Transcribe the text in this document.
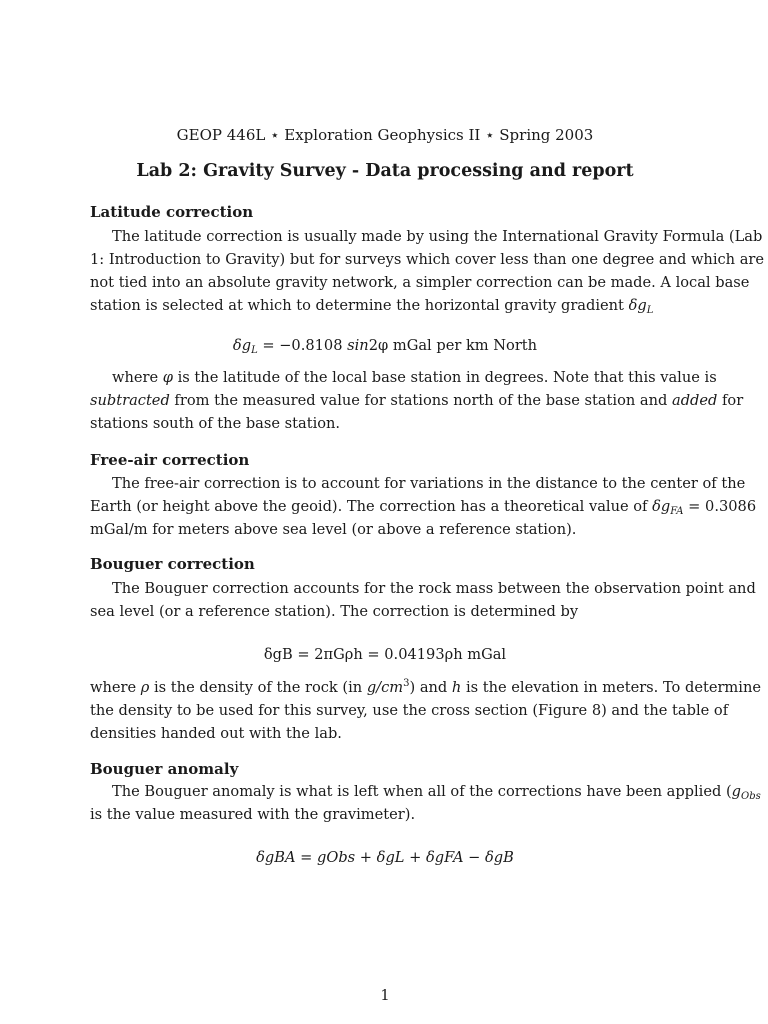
GEOP 446L ⋆ Exploration Geophysics II ⋆ Spring 2003
Lab 2: Gravity Survey - Data processing and report
Latitude correction
The latitude correction is usually made by using the International Gravity Formula (Lab
1: Introduction to Gravity) but for surveys which cover less than one degree and which are
not tied into an absolute gravity network, a simpler correction can be made. A local base
station is selected at which to determine the horizontal gravity gradient $\delta g_L$
$\delta g_L = -0.8108$ sin2φ mGal per km North
where φ is the latitude of the local base station in degrees. Note that this value is
subtracted from the measured value for stations north of the base station and added for
stations south of the base station.
Free-air correction
The free-air correction is to account for variations in the distance to the center of the
Earth (or height above the geoid). The correction has a theoretical value of $\delta g_{FA} = 0.3086$
mGal/m for meters above sea level (or above a reference station).
Bouguer correction
The Bouguer correction accounts for the rock mass between the observation point and
sea level (or a reference station). The correction is determined by
δgB = 2πGρh = 0.04193ρh mGal
where ρ is the density of the rock (in $g/cm^3$) and h is the elevation in meters. To determine
the density to be used for this survey, use the cross section (Figure 8) and the table of
densities handed out with the lab.
Bouguer anomaly
The Bouguer anomaly is what is left when all of the corrections have been applied ($g_{Obs}$
is the value measured with the gravimeter).
δgBA = gObs + δgL + δgFA − δgB
1
